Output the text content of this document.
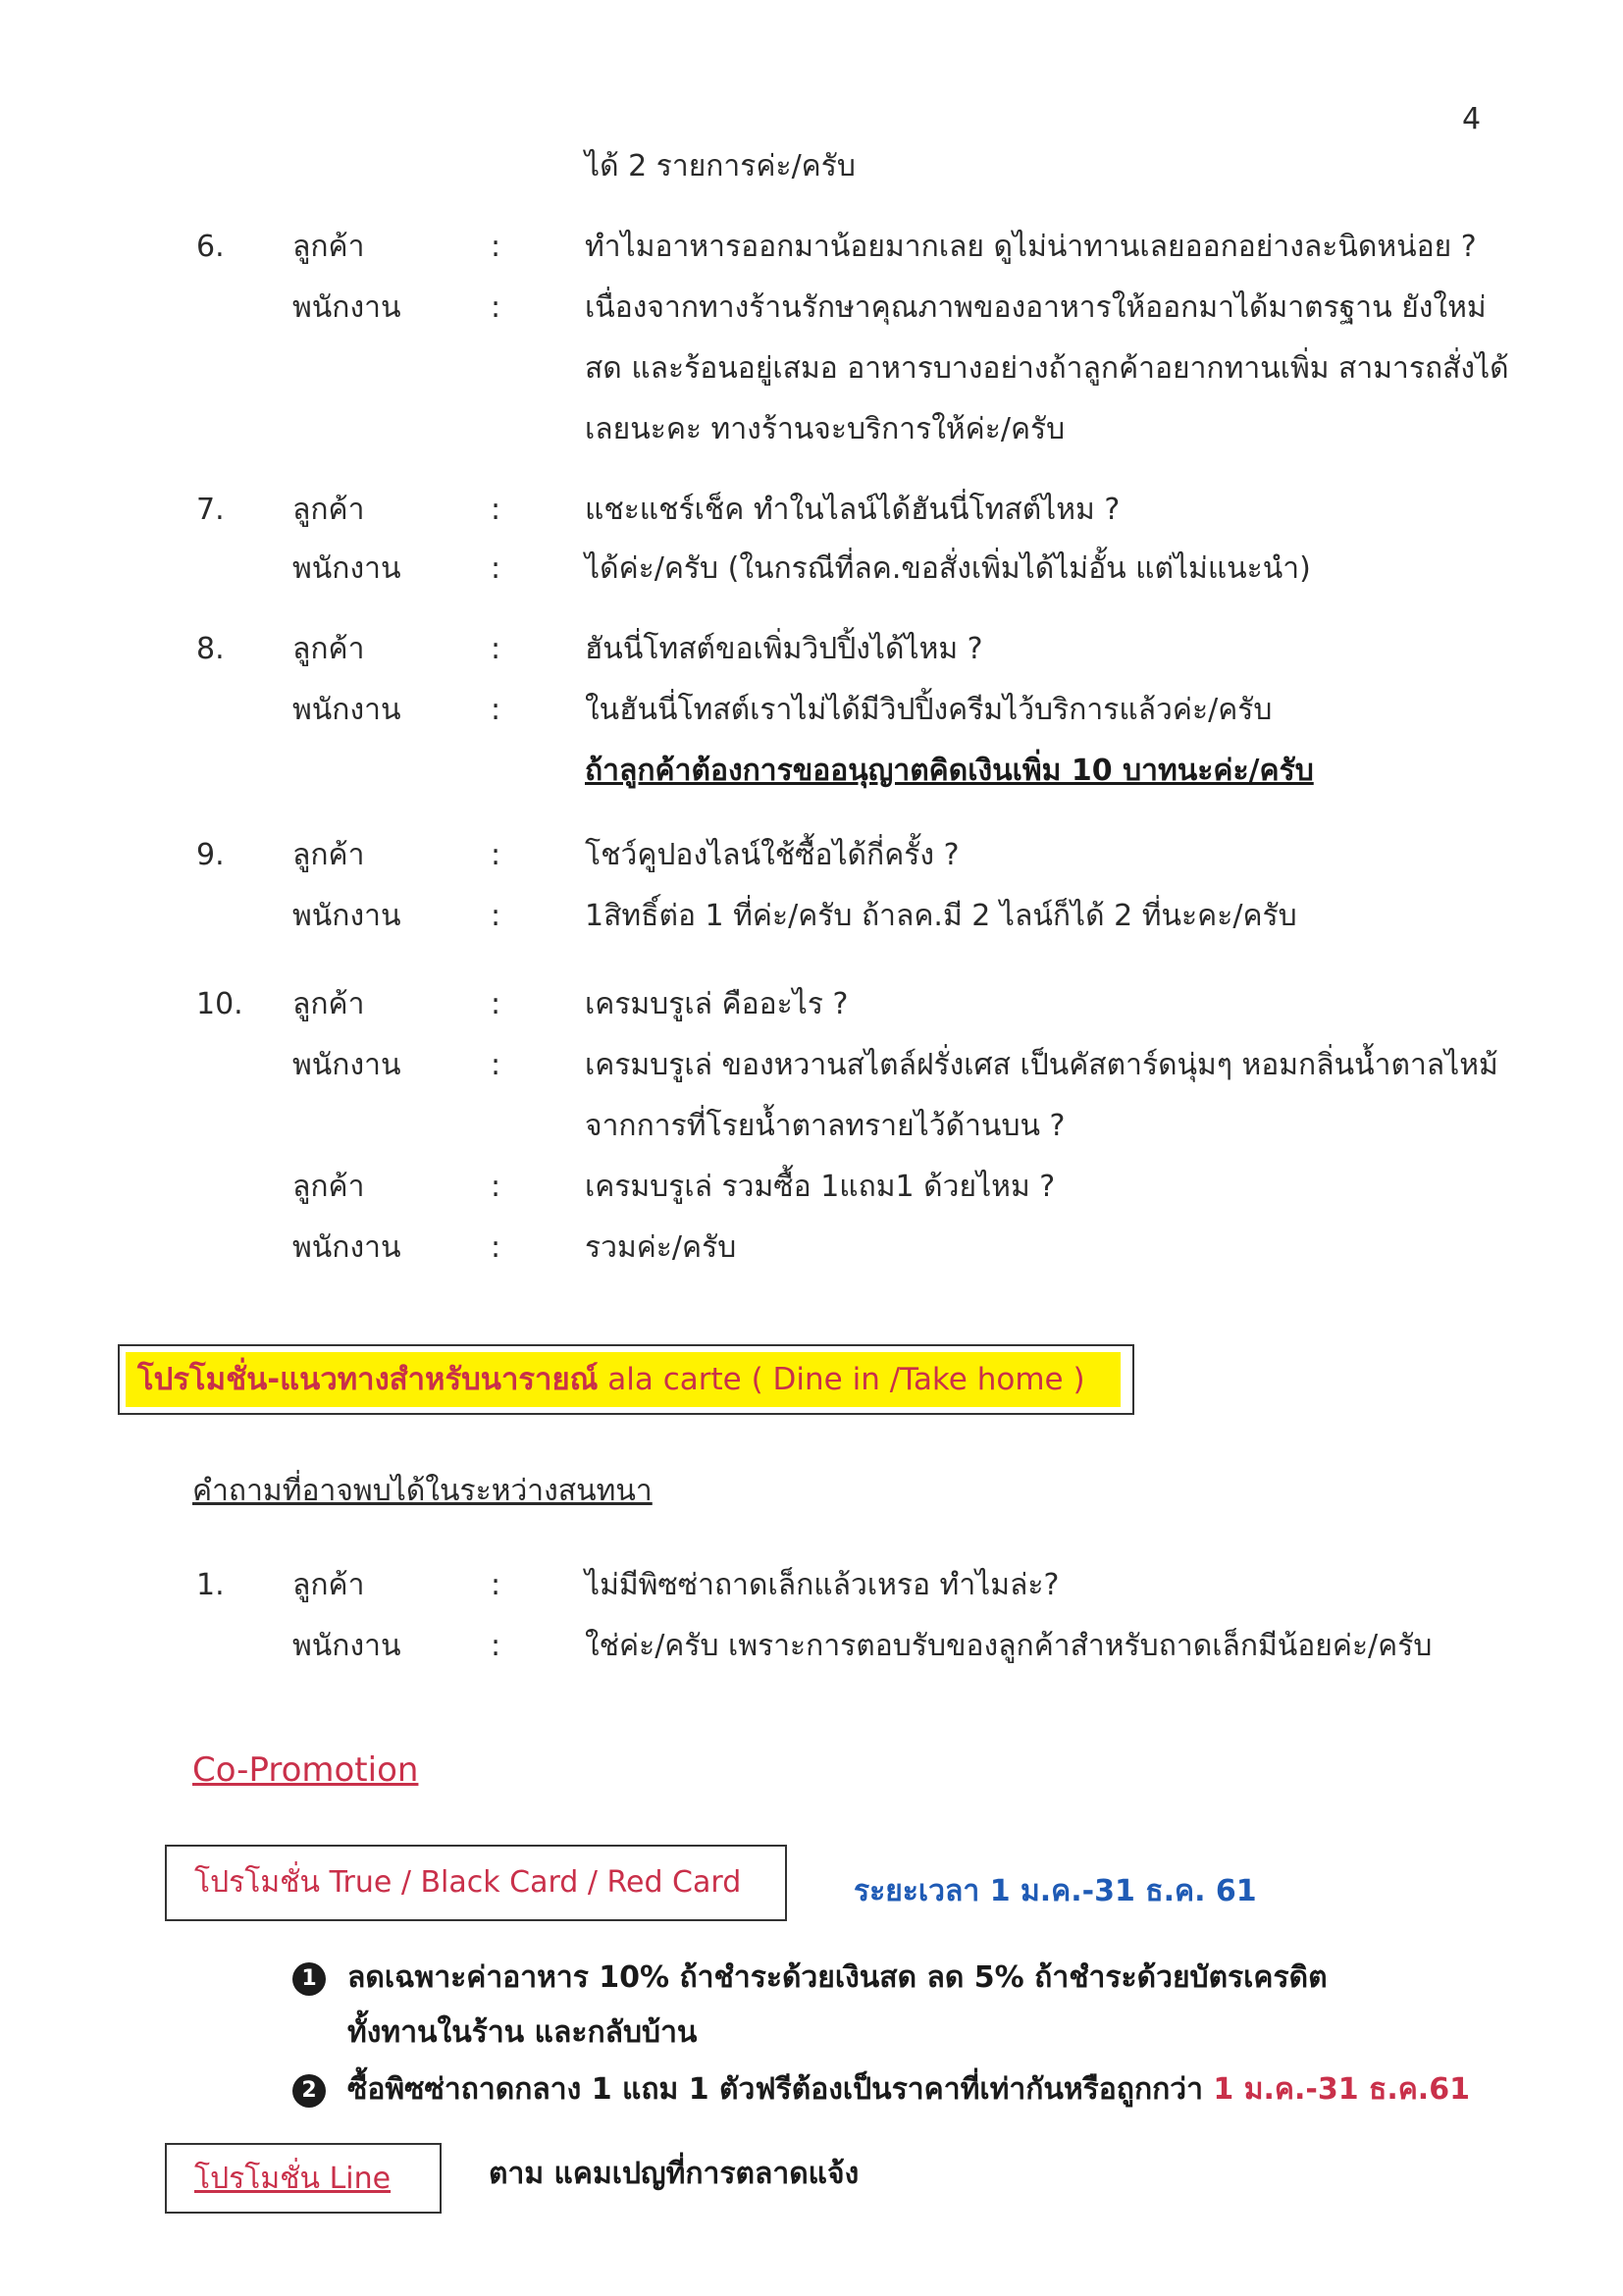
4
ได้ 2 รายการค่ะ/ครับ
6. ลูกค้า	:	ทำไมอาหารออกมาน้อยมากเลย ดูไม่น่าทานเลยออกอย่างละนิดหน่อย ?
พนักงาน	:	เนื่องจากทางร้านรักษาคุณภาพของอาหารให้ออกมาได้มาตรฐาน ยังใหม่
สด และร้อนอยู่เสมอ อาหารบางอย่างถ้าลูกค้าอยากทานเพิ่ม สามารถสั่งได้
เลยนะคะ ทางร้านจะบริการให้ค่ะ/ครับ
7. ลูกค้า	:	แชะแชร์เช็ค ทำในไลน์ได้ฮันนี่โทสต์ไหม ?
พนักงาน	:	ได้ค่ะ/ครับ (ในกรณีที่ลค.ขอสั่งเพิ่มได้ไม่อั้น แต่ไม่แนะนำ)
8. ลูกค้า	:	ฮันนี่โทสต์ขอเพิ่มวิปปิ้งได้ไหม ?
พนักงาน	:	ในฮันนี่โทสต์เราไม่ได้มีวิปปิ้งครีมไว้บริการแล้วค่ะ/ครับ
ถ้าลูกค้าต้องการขออนุญาตคิดเงินเพิ่ม 10 บาทนะค่ะ/ครับ
9. ลูกค้า	:	โชว์คูปองไลน์ใช้ซื้อได้กี่ครั้ง ?
พนักงาน	:	1สิทธิ์ต่อ 1 ที่ค่ะ/ครับ ถ้าลค.มี 2 ไลน์ก็ได้ 2 ที่นะคะ/ครับ
10. ลูกค้า	:	เครมบรูเล่ คืออะไร ?
พนักงาน	:	เครมบรูเล่ ของหวานสไตล์ฝรั่งเศส เป็นคัสตาร์ดนุ่มๆ หอมกลิ่นน้ำตาลไหม้
จากการที่โรยน้ำตาลทรายไว้ด้านบน ?
ลูกค้า	:	เครมบรูเล่ รวมซื้อ 1แถม1 ด้วยไหม ?
พนักงาน	:	รวมค่ะ/ครับ
โปรโมชั่น-แนวทางสำหรับนารายณ์ ala carte ( Dine in /Take home )
คำถามที่อาจพบได้ในระหว่างสนทนา
1. ลูกค้า	:	ไม่มีพิซซ่าถาดเล็กแล้วเหรอ ทำไมล่ะ?
พนักงาน	:	ใช่ค่ะ/ครับ เพราะการตอบรับของลูกค้าสำหรับถาดเล็กมีน้อยค่ะ/ครับ
Co-Promotion
โปรโมชั่น True / Black Card / Red Card	ระยะเวลา 1 ม.ค.-31 ธ.ค. 61
1	ลดเฉพาะค่าอาหาร 10% ถ้าชำระด้วยเงินสด ลด 5% ถ้าชำระด้วยบัตรเครดิต
ทั้งทานในร้าน และกลับบ้าน
2	ซื้อพิซซ่าถาดกลาง 1 แถม 1 ตัวฟรีต้องเป็นราคาที่เท่ากันหรือถูกกว่า 1 ม.ค.-31 ธ.ค.61
โปรโมชั่น Line	ตาม แคมเปญที่การตลาดแจ้ง
